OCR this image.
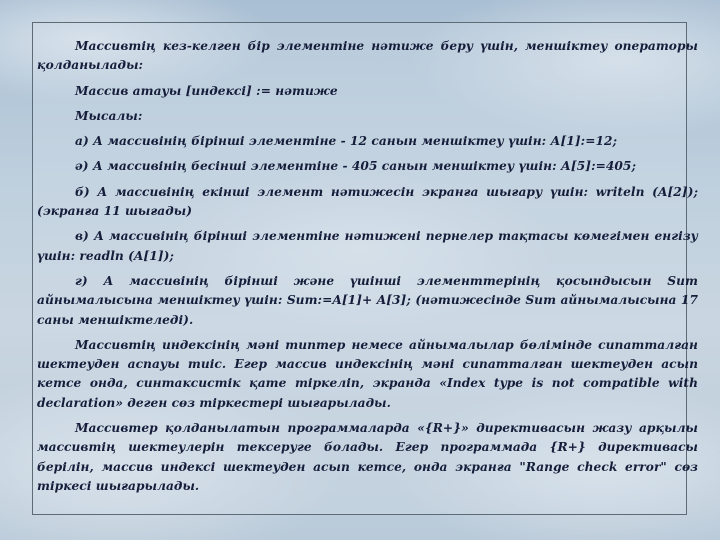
Массивтің кез-келген бір элементіне нәтиже беру үшін, меншіктеу операторы қолданылады:

Массив атауы [индексі] := нәтиже

Мысалы:

а) А массивінің бірінші элементіне - 12 санын меншіктеу үшін: А[1]:=12;

ә) А массивінің бесінші элементіне - 405 санын меншіктеу үшін: А[5]:=405;

б) А массивінің екінші элемент нәтижесін экранға шығару үшін: writeln (A[2]); (экранға 11 шығады)

в) А массивінің бірінші элементіне нәтижені пернелер тақтасы көмегімен енгізу үшін: readln (A[1]);

г) А массивінің бірінші және үшінші элементтерінің қосындысын Sum айнымалысына меншіктеу үшін: Sum:=A[1]+ A[3]; (нәтижесінде Sum айнымалысына 17 саны меншіктеледі).

Массивтің индексінің мәні типтер немесе айнымалылар бөлімінде сипатталған шектеуден аспауы тиіс. Егер массив индексінің мәні сипатталған шектеуден асып кетсе онда, синтаксистік қате тіркеліп, экранда «Index type is not compatible with declaration» деген сөз тіркестері шығарылады.

Массивтер қолданылатын программаларда «{R+}» директивасын жазу арқылы массивтің шектеулерін тексеруге болады. Егер программада {R+} директивасы берілін, массив индексі шектеуден асып кетсе, онда экранға "Range check error" сөз тіркесі шығарылады.
